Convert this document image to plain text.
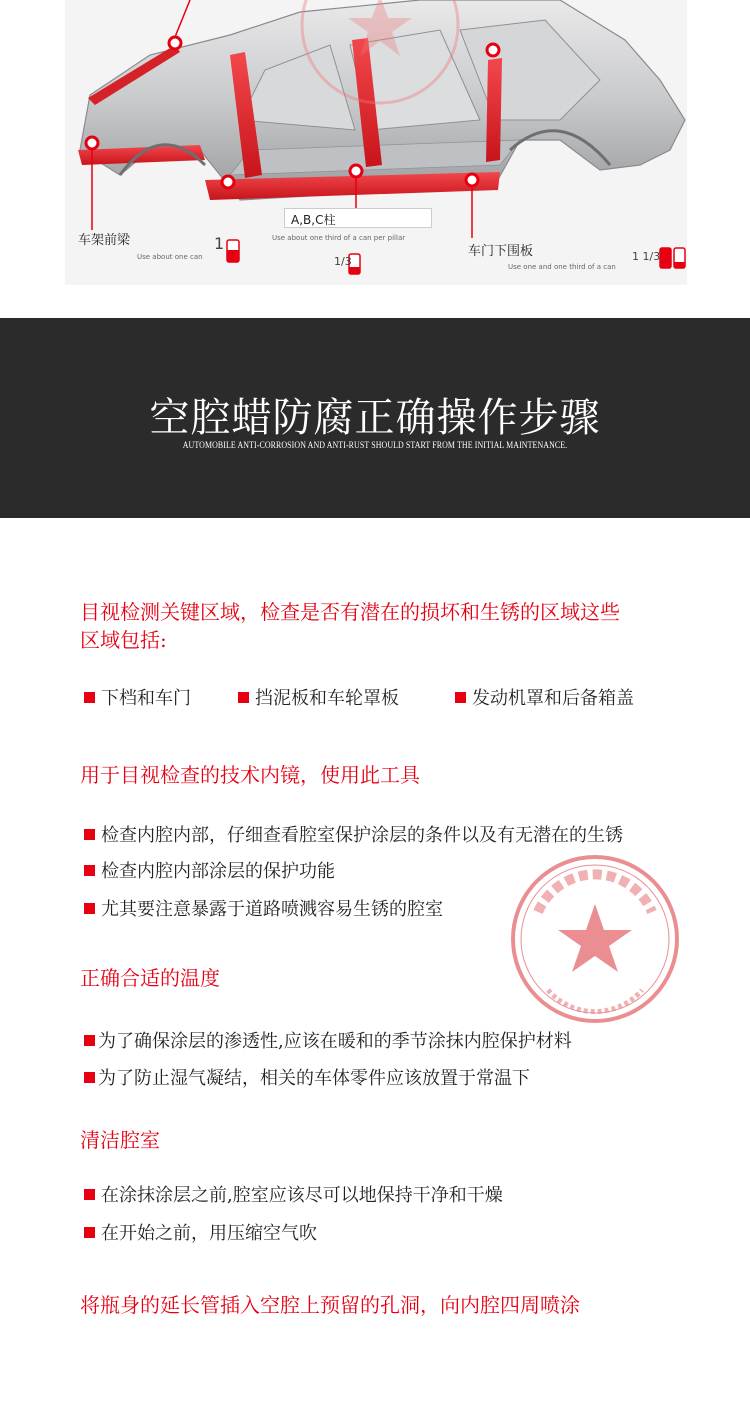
车架前梁
Use about one can
1
A,B,C柱
Use about one third of a can per pillar
1/3
车门下围板
Use one and one third of a can
1 1/3
空腔蜡防腐正确操作步骤
AUTOMOBILE ANTI-CORROSION AND ANTI-RUST SHOULD START FROM THE INITIAL MAINTENANCE.
目视检测关键区域，检查是否有潜在的损坏和生锈的区域这些
区域包括:
下档和车门	挡泥板和车轮罩板	发动机罩和后备箱盖
用于目视检查的技术内镜，使用此工具
检查内腔内部，仔细查看腔室保护涂层的条件以及有无潜在的生锈
检查内腔内部涂层的保护功能
尤其要注意暴露于道路喷溅容易生锈的腔室
正确合适的温度
为了确保涂层的渗透性,应该在暖和的季节涂抹内腔保护材料
为了防止湿气凝结，相关的车体零件应该放置于常温下
清洁腔室
在涂抹涂层之前,腔室应该尽可以地保持干净和干燥
在开始之前，用压缩空气吹
将瓶身的延长管插入空腔上预留的孔洞，向内腔四周喷涂
